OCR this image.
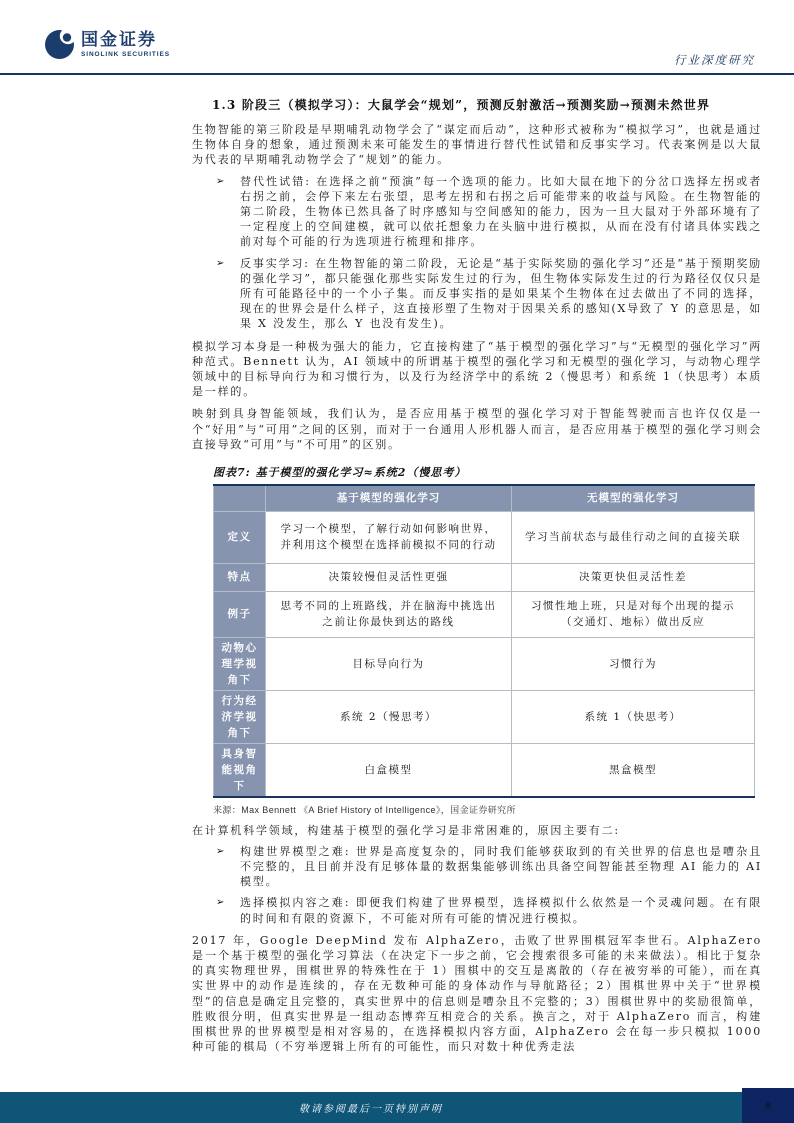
国金证券
SINOLINK SECURITIES	行业深度研究
1.3 阶段三（模拟学习）：大鼠学会“规划”，预测反射激活→预测奖励→预测未然世界
生物智能的第三阶段是早期哺乳动物学会了“谋定而后动”，这种形式被称为“模拟学习”，也就是通过生物体自身的想象，通过预测未来可能发生的事情进行替代性试错和反事实学习。代表案例是以大鼠为代表的早期哺乳动物学会了“规划”的能力。
➢	替代性试错: 在选择之前“预演”每一个选项的能力。比如大鼠在地下的分岔口选择左拐或者右拐之前，会停下来左右张望，思考左拐和右拐之后可能带来的收益与风险。在生物智能的第二阶段，生物体已然具备了时序感知与空间感知的能力，因为一旦大鼠对于外部环境有了一定程度上的空间建模，就可以依托想象力在头脑中进行模拟，从而在没有付诸具体实践之前对每个可能的行为选项进行梳理和排序。
➢	反事实学习: 在生物智能的第二阶段，无论是“基于实际奖励的强化学习”还是“基于预期奖励的强化学习”，都只能强化那些实际发生过的行为，但生物体实际发生过的行为路径仅仅只是所有可能路径中的一个小子集。而反事实指的是如果某个生物体在过去做出了不同的选择，现在的世界会是什么样子，这直接形塑了生物对于因果关系的感知(X导致了 Y 的意思是，如果 X 没发生，那么 Y 也没有发生)。
模拟学习本身是一种极为强大的能力，它直接构建了“基于模型的强化学习”与“无模型的强化学习”两种范式。Bennett 认为，AI 领域中的所谓基于模型的强化学习和无模型的强化学习，与动物心理学领域中的目标导向行为和习惯行为，以及行为经济学中的系统 2（慢思考）和系统 1（快思考）本质是一样的。
映射到具身智能领域，我们认为，是否应用基于模型的强化学习对于智能驾驶而言也许仅仅是一个“好用”与“可用”之间的区别，而对于一台通用人形机器人而言，是否应用基于模型的强化学习则会直接导致“可用”与“不可用”的区别。
图表7: 基于模型的强化学习≈系统2（慢思考）
	基于模型的强化学习	无模型的强化学习
定义	学习一个模型，了解行动如何影响世界，并利用这个模型在选择前模拟不同的行动	学习当前状态与最佳行动之间的直接关联
特点	决策较慢但灵活性更强	决策更快但灵活性差
例子	思考不同的上班路线，并在脑海中挑选出之前让你最快到达的路线	习惯性地上班，只是对每个出现的提示（交通灯、地标）做出反应
动物心理学视角下	目标导向行为	习惯行为
行为经济学视角下	系统 2（慢思考）	系统 1（快思考）
具身智能视角下	白盒模型	黑盒模型
来源：Max Bennett 《A Brief History of Intelligence》，国金证券研究所
在计算机科学领域，构建基于模型的强化学习是非常困难的，原因主要有二:
➢	构建世界模型之难: 世界是高度复杂的，同时我们能够获取到的有关世界的信息也是嘈杂且不完整的，且目前并没有足够体量的数据集能够训练出具备空间智能甚至物理 AI 能力的 AI 模型。
➢	选择模拟内容之难: 即便我们构建了世界模型，选择模拟什么依然是一个灵魂问题。在有限的时间和有限的资源下，不可能对所有可能的情况进行模拟。
2017 年，Google DeepMind 发布 AlphaZero，击败了世界围棋冠军李世石。AlphaZero 是一个基于模型的强化学习算法（在决定下一步之前，它会搜索很多可能的未来做法）。相比于复杂的真实物理世界，围棋世界的特殊性在于 1）围棋中的交互是离散的（存在被穷举的可能），而在真实世界中的动作是连续的，存在无数种可能的身体动作与导航路径；2）围棋世界中关于“世界模型”的信息是确定且完整的，真实世界中的信息则是嘈杂且不完整的；3）围棋世界中的奖励很简单，胜败很分明，但真实世界是一组动态博弈互相竞合的关系。换言之，对于 AlphaZero 而言，构建围棋世界的世界模型是相对容易的，在选择模拟内容方面，AlphaZero 会在每一步只模拟 1000 种可能的棋局（不穷举逻辑上所有的可能性，而只对数十种优秀走法
敬请参阅最后一页特别声明	8
